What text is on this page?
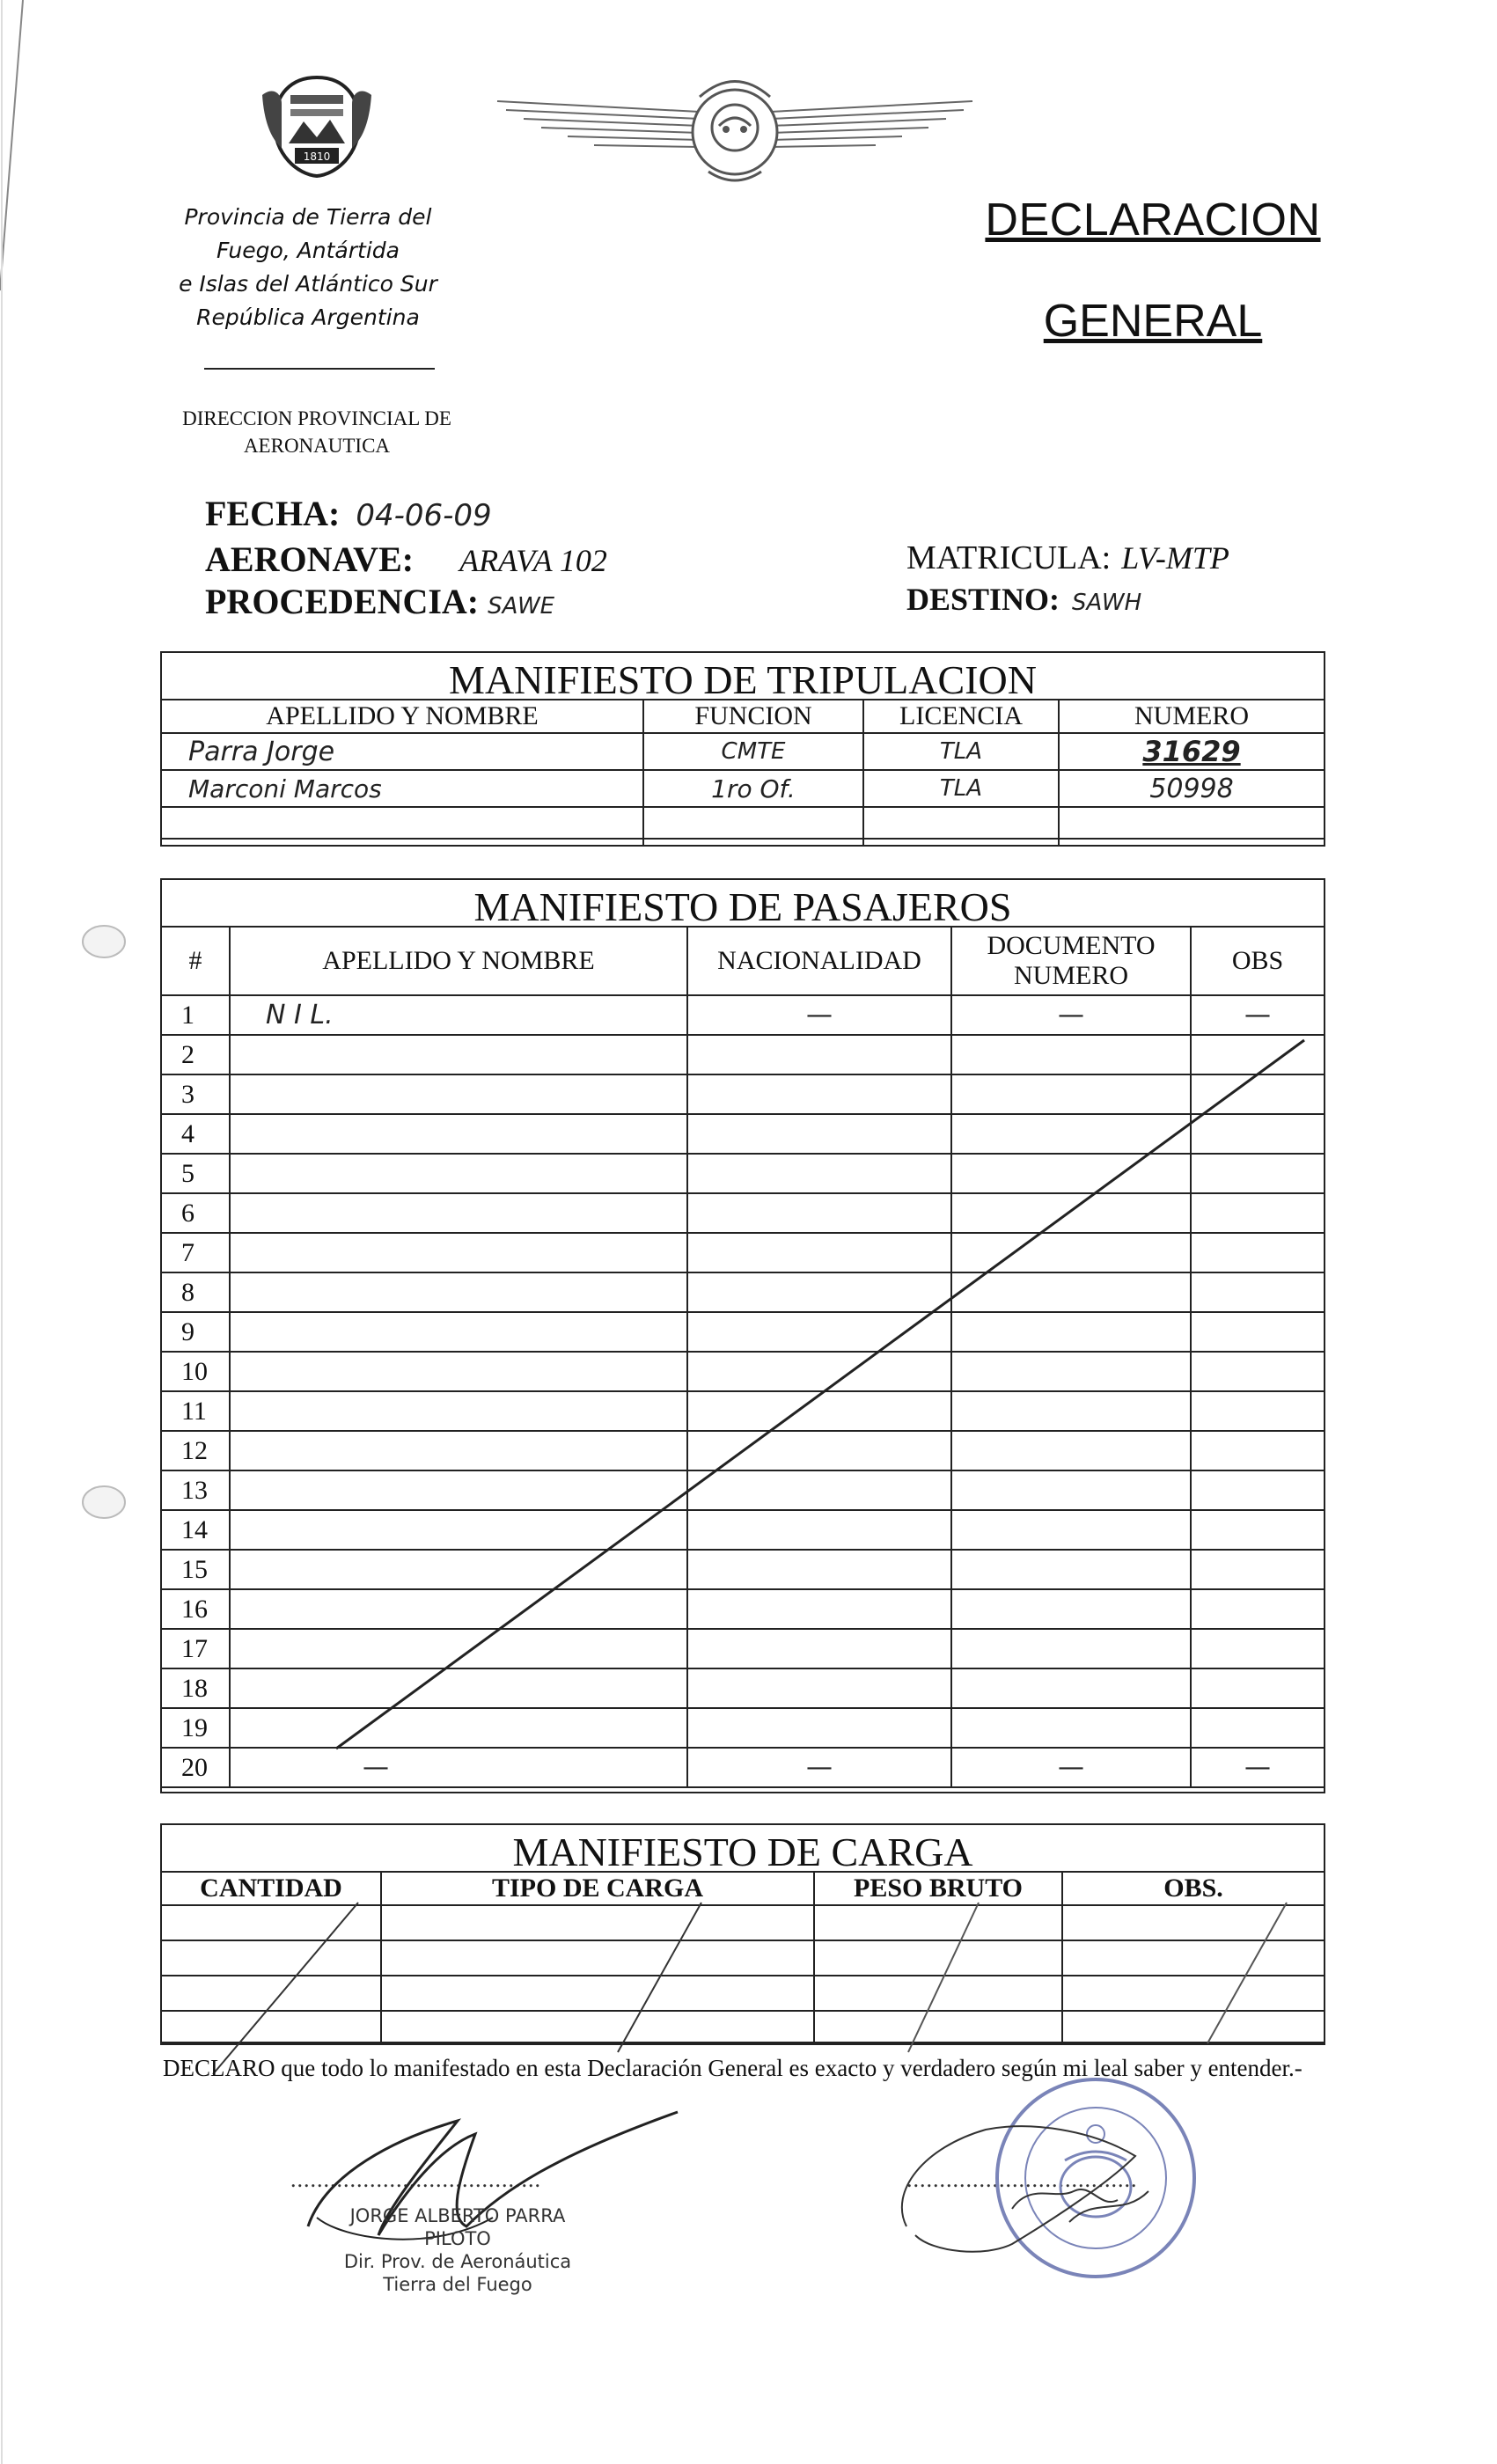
1810
Provincia de Tierra del
Fuego, Antártida
e Islas del Atlántico Sur
República Argentina
DIRECCION PROVINCIAL DE
AERONAUTICA
DECLARACION
GENERAL
FECHA: 04-06-09
AERONAVE: ARAVA 102
PROCEDENCIA: SAWE
MATRICULA: LV-MTP
DESTINO: SAWH
MANIFIESTO DE TRIPULACION
APELLIDO Y NOMBRE	FUNCION	LICENCIA	NUMERO
Parra Jorge	CMTE	TLA	31629
Marconi Marcos	1ro Of.	TLA	50998

MANIFIESTO DE PASAJEROS
#	APELLIDO Y NOMBRE	NACIONALIDAD	DOCUMENTO NUMERO	OBS
1	N I L.	—	—	—
2				
3				
4				
5				
6				
7				
8				
9				
10				
11				
12				
13				
14				
15				
16				
17				
18				
19				
20	—	—	—	—
MANIFIESTO DE CARGA
CANTIDAD	TIPO DE CARGA	PESO BRUTO	OBS.

DECLARO que todo lo manifestado en esta Declaración General es exacto y verdadero según mi leal saber y entender.-
......................................	...................................
JORGE ALBERTO PARRA
PILOTO
Dir. Prov. de Aeronáutica
Tierra del Fuego
